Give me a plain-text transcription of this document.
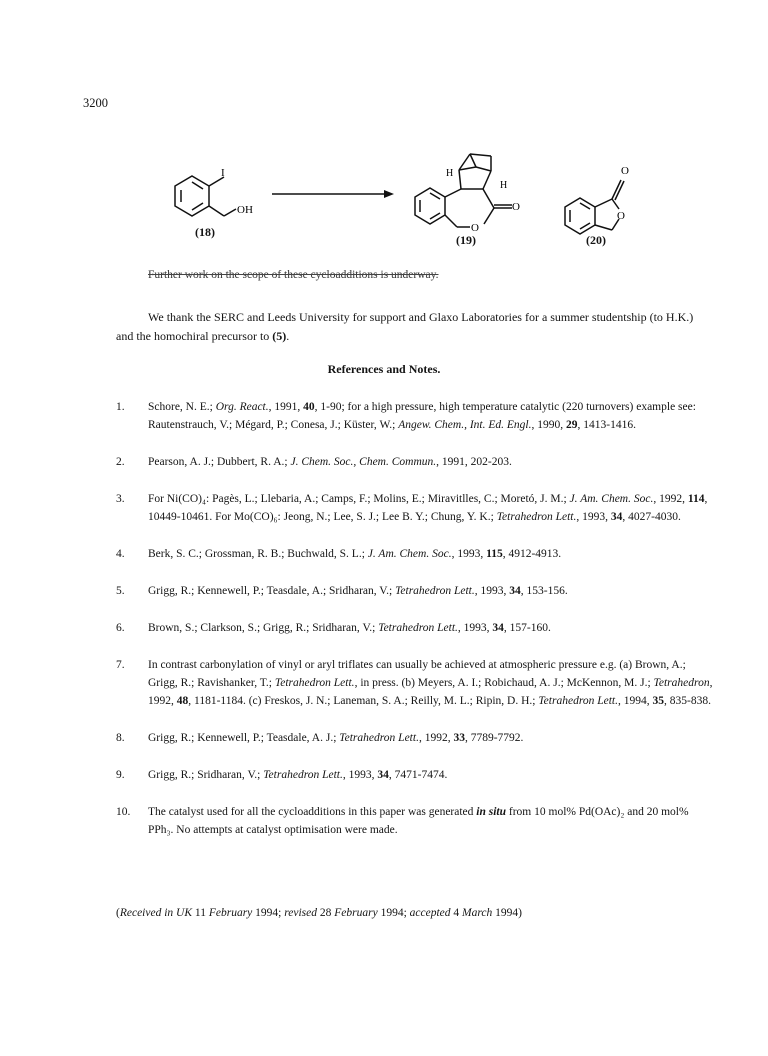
3200
I
OH
H
H
O
O
O
O
(18)
(19)	(20)
Further work on the scope of these cycloadditions is underway.
We thank the SERC and Leeds University for support and Glaxo Laboratories for a summer studentship (to H.K.) and the homochiral precursor to (5).
References and Notes.
1. Schore, N. E.; Org. React., 1991, 40, 1-90; for a high pressure, high temperature catalytic (220 turnovers) example see: Rautenstrauch, V.; Mégard, P.; Conesa, J.; Küster, W.; Angew. Chem., Int. Ed. Engl., 1990, 29, 1413-1416.
2. Pearson, A. J.; Dubbert, R. A.; J. Chem. Soc., Chem. Commun., 1991, 202-203.
3. For Ni(CO)₄: Pagès, L.; Llebaria, A.; Camps, F.; Molins, E.; Miravitlles, C.; Moretó, J. M.; J. Am. Chem. Soc., 1992, 114, 10449-10461. For Mo(CO)₆: Jeong, N.; Lee, S. J.; Lee B. Y.; Chung, Y. K.; Tetrahedron Lett., 1993, 34, 4027-4030.
4. Berk, S. C.; Grossman, R. B.; Buchwald, S. L.; J. Am. Chem. Soc., 1993, 115, 4912-4913.
5. Grigg, R.; Kennewell, P.; Teasdale, A.; Sridharan, V.; Tetrahedron Lett., 1993, 34, 153-156.
6. Brown, S.; Clarkson, S.; Grigg, R.; Sridharan, V.; Tetrahedron Lett., 1993, 34, 157-160.
7. In contrast carbonylation of vinyl or aryl triflates can usually be achieved at atmospheric pressure e.g. (a) Brown, A.; Grigg, R.; Ravishanker, T.; Tetrahedron Lett., in press. (b) Meyers, A. I.; Robichaud, A. J.; McKennon, M. J.; Tetrahedron, 1992, 48, 1181-1184. (c) Freskos, J. N.; Laneman, S. A.; Reilly, M. L.; Ripin, D. H.; Tetrahedron Lett., 1994, 35, 835-838.
8. Grigg, R.; Kennewell, P.; Teasdale, A. J.; Tetrahedron Lett., 1992, 33, 7789-7792.
9. Grigg, R.; Sridharan, V.; Tetrahedron Lett., 1993, 34, 7471-7474.
10. The catalyst used for all the cycloadditions in this paper was generated in situ from 10 mol% Pd(OAc)₂ and 20 mol% PPh₃. No attempts at catalyst optimisation were made.
(Received in UK 11 February 1994; revised 28 February 1994; accepted 4 March 1994)
